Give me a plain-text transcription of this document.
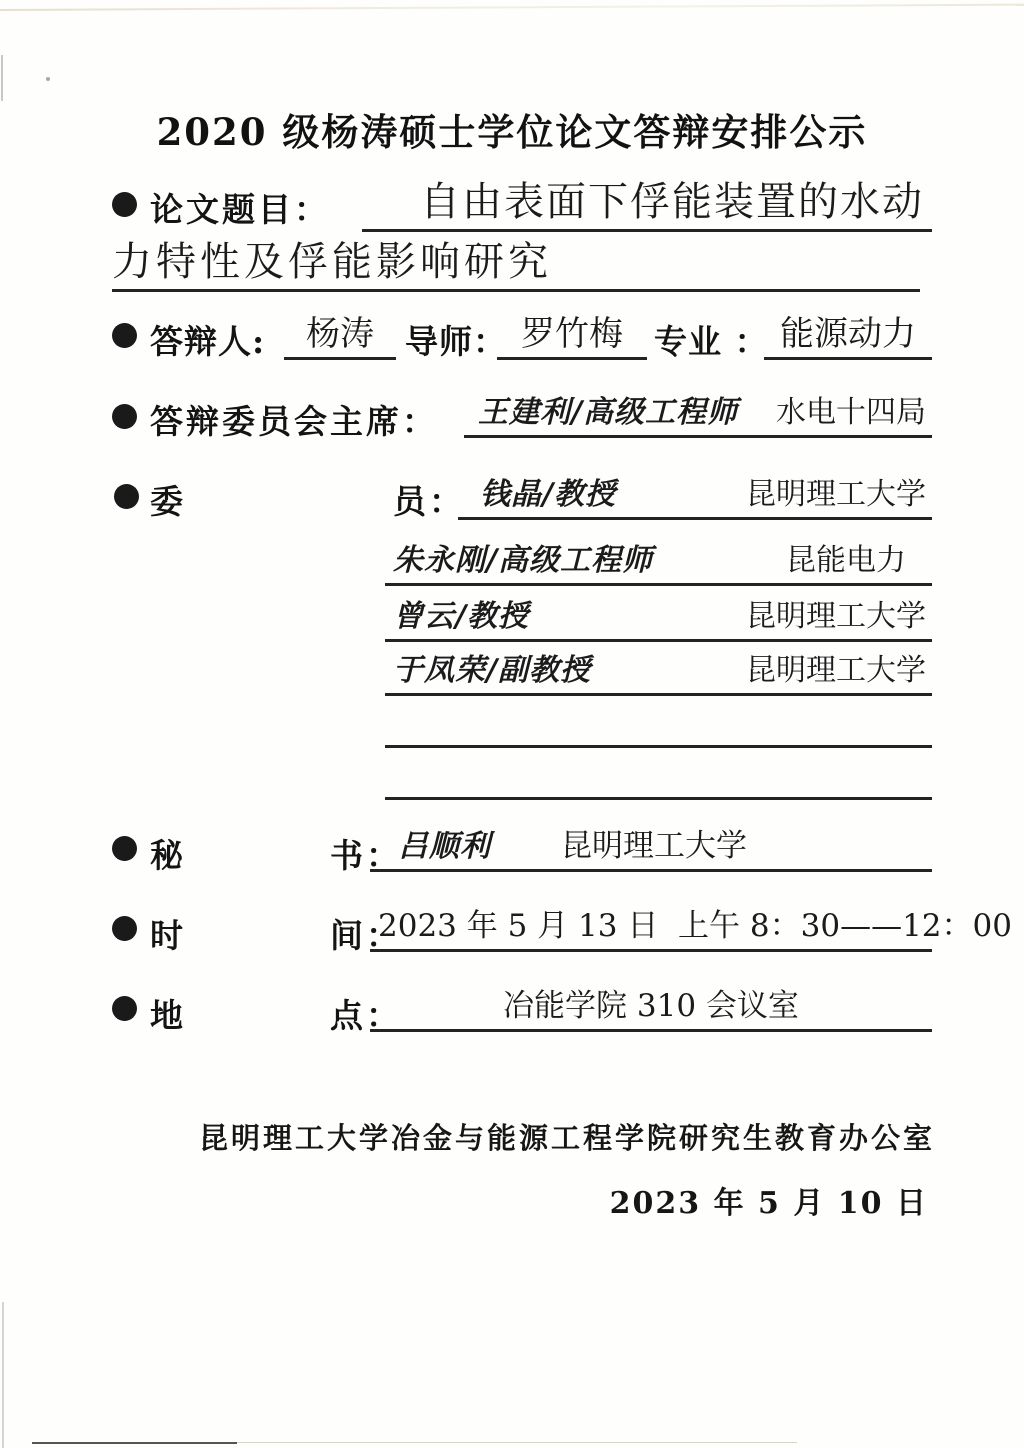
2020 级杨涛硕士学位论文答辩安排公示
论文题目： 自由表面下俘能装置的水动
力特性及俘能影响研究
答辩人: 杨涛 导师： 罗竹梅 专业 ： 能源动力
答辩委员会主席： 王建利/高级工程师 水电十四局
委	员： 钱晶/教授	昆明理工大学
朱永刚/高级工程师	昆能电力
曾云/教授	昆明理工大学
于凤荣/副教授	昆明理工大学
秘	书：
吕顺利 昆明理工大学
时	间：
2023 年 5 月 13 日  上午 8：30——12：00
地	点：	冶能学院 310 会议室
昆明理工大学冶金与能源工程学院研究生教育办公室
2023 年 5 月 10 日
